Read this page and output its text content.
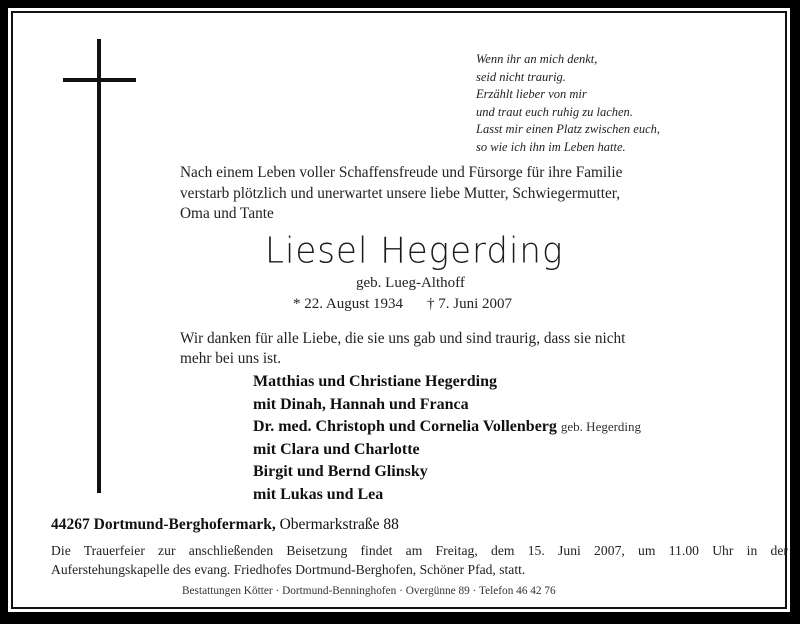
Wenn ihr an mich denkt,
seid nicht traurig.
Erzählt lieber von mir
und traut euch ruhig zu lachen.
Lasst mir einen Platz zwischen euch,
so wie ich ihn im Leben hatte.
Nach einem Leben voller Schaffensfreude und Fürsorge für ihre Familie
verstarb plötzlich und unerwartet unsere liebe Mutter, Schwiegermutter,
Oma und Tante
Liesel Hegerding
geb. Lueg-Althoff
* 22. August 1934 † 7. Juni 2007
Wir danken für alle Liebe, die sie uns gab und sind traurig, dass sie nicht
mehr bei uns ist.
Matthias und Christiane Hegerding
mit Dinah, Hannah und Franca
Dr. med. Christoph und Cornelia Vollenberg geb. Hegerding
mit Clara und Charlotte
Birgit und Bernd Glinsky
mit Lukas und Lea
44267 Dortmund-Berghofermark, Obermarkstraße 88
Die Trauerfeier zur anschließenden Beisetzung findet am Freitag, dem 15. Juni 2007, um 11.00 Uhr in der
Auferstehungskapelle des evang. Friedhofes Dortmund-Berghofen, Schöner Pfad, statt.
Bestattungen Kötter · Dortmund-Benninghofen · Overgünne 89 · Telefon 46 42 76
